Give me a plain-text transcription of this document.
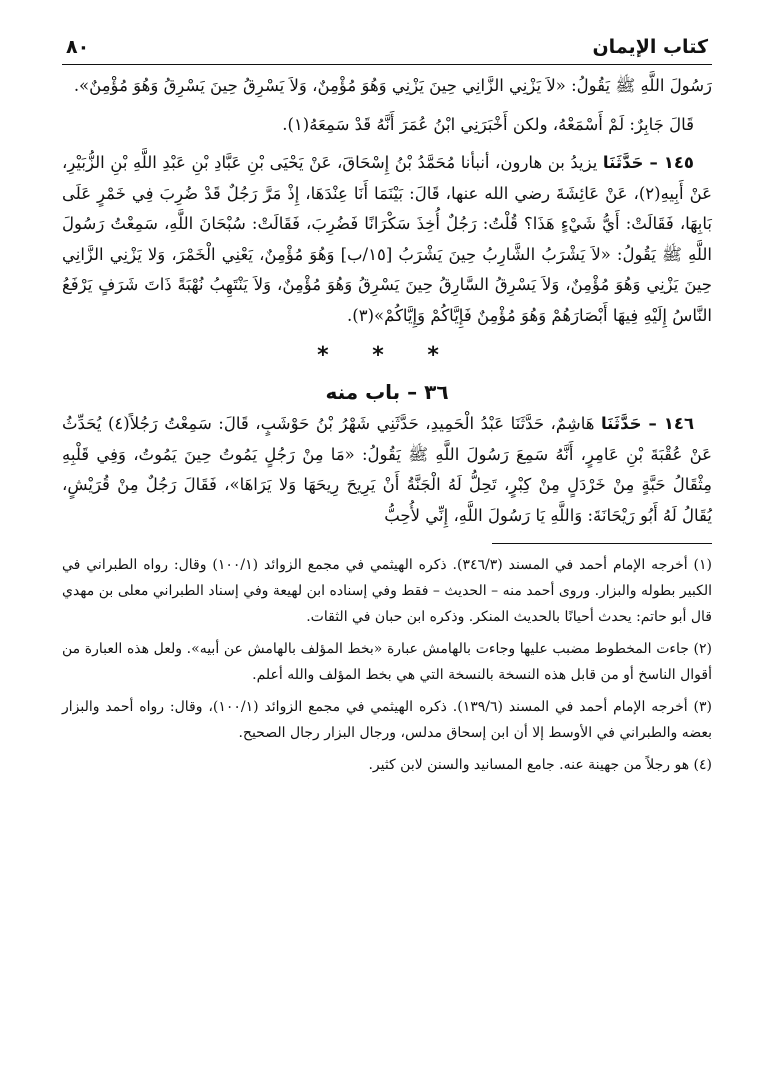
كتاب الإيمان
٨٠

رَسُولَ اللَّهِ ﷺ يَقُولُ: «لاَ يَزْنِي الزَّانِي حِينَ يَزْنِي وَهُوَ مُؤْمِنٌ، وَلاَ يَسْرِقُ حِينَ يَسْرِقُ وَهُوَ مُؤْمِنٌ».

قَالَ جَابِرٌ: لَمْ أَسْمَعْهُ، ولكن أَخْبَرَنِي ابْنُ عُمَرَ أَنَّهُ قَدْ سَمِعَهُ(١).

١٤٥ – حَدَّثَنَا يزيدُ بن هارون، أنبأنا مُحَمَّدُ بْنُ إِسْحَاقَ، عَنْ يَحْيَى بْنِ عَبَّادِ بْنِ عَبْدِ اللَّهِ بْنِ الزُّبَيْرِ، عَنْ أَبِيهِ(٢)، عَنْ عَائِشَةَ رضي الله عنها، قَالَ: بَيْنَمَا أَنَا عِنْدَهَا، إِذْ مَرَّ رَجُلٌ قَدْ ضُرِبَ فِي خَمْرٍ عَلَى بَابِهَا، فَقَالَتْ: أَيُّ شَيْءٍ هَذَا؟ قُلْتُ: رَجُلٌ أُخِذَ سَكْرَانًا فَضُرِبَ، فَقَالَتْ: سُبْحَانَ اللَّهِ، سَمِعْتُ رَسُولَ اللَّهِ ﷺ يَقُولُ: «لاَ يَشْرَبُ الشَّارِبُ حِينَ يَشْرَبُ [١٥/ب] وَهُوَ مُؤْمِنٌ، يَعْنِي الْخَمْرَ، وَلا يَزْنِي الزَّانِي حِينَ يَزْنِي وَهُوَ مُؤْمِنٌ، وَلاَ يَسْرِقُ السَّارِقُ حِينَ يَسْرِقُ وَهُوَ مُؤْمِنٌ، وَلاَ يَنْتَهِبُ نُهْبَةً ذَاتَ شَرَفٍ يَرْفَعُ النَّاسُ إِلَيْهِ فِيهَا أَبْصَارَهُمْ وَهُوَ مُؤْمِنٌ فَإِيَّاكُمْ وَإِيَّاكُمْ»(٣).

* * *
٣٦ – باب منه

١٤٦ – حَدَّثَنَا هَاشِمٌ، حَدَّثَنَا عَبْدُ الْحَمِيدِ، حَدَّثَنِي شَهْرُ بْنُ حَوْشَبٍ، قَالَ: سَمِعْتُ رَجُلاً(٤) يُحَدِّثُ عَنْ عُقْبَةَ بْنِ عَامِرٍ، أَنَّهُ سَمِعَ رَسُولَ اللَّهِ ﷺ يَقُولُ: «مَا مِنْ رَجُلٍ يَمُوتُ حِينَ يَمُوتُ، وَفِي قَلْبِهِ مِثْقَالُ حَبَّةٍ مِنْ خَرْدَلٍ مِنْ كِبْرٍ، تَحِلُّ لَهُ الْجَنَّةُ أَنْ يَرِيحَ رِيحَهَا وَلا يَرَاهَا»، فَقَالَ رَجُلٌ مِنْ قُرَيْشٍ، يُقَالُ لَهُ أَبُو رَيْحَانَةَ: وَاللَّهِ يَا رَسُولَ اللَّهِ، إِنِّي لأُحِبُّ

(١) أخرجه الإمام أحمد في المسند (٣٤٦/٣). ذكره الهيثمي في مجمع الزوائد (١٠٠/١) وقال: رواه الطبراني في الكبير بطوله والبزار. وروى أحمد منه – الحديث – فقط وفي إسناده ابن لهيعة وفي إسناد الطبراني معلى بن مهدي قال أبو حاتم: يحدث أحيانًا بالحديث المنكر. وذكره ابن حبان في الثقات.

(٢) جاءت المخطوط مضبب عليها وجاءت بالهامش عبارة «بخط المؤلف بالهامش عن أبيه». ولعل هذه العبارة من أقوال الناسخ أو من قابل هذه النسخة بالنسخة التي هي بخط المؤلف والله أعلم.

(٣) أخرجه الإمام أحمد في المسند (١٣٩/٦). ذكره الهيثمي في مجمع الزوائد (١٠٠/١)، وقال: رواه أحمد والبزار بعضه والطبراني في الأوسط إلا أن ابن إسحاق مدلس، ورجال البزار رجال الصحيح.

(٤) هو رجلاً من جهينة عنه. جامع المسانيد والسنن لابن كثير.
